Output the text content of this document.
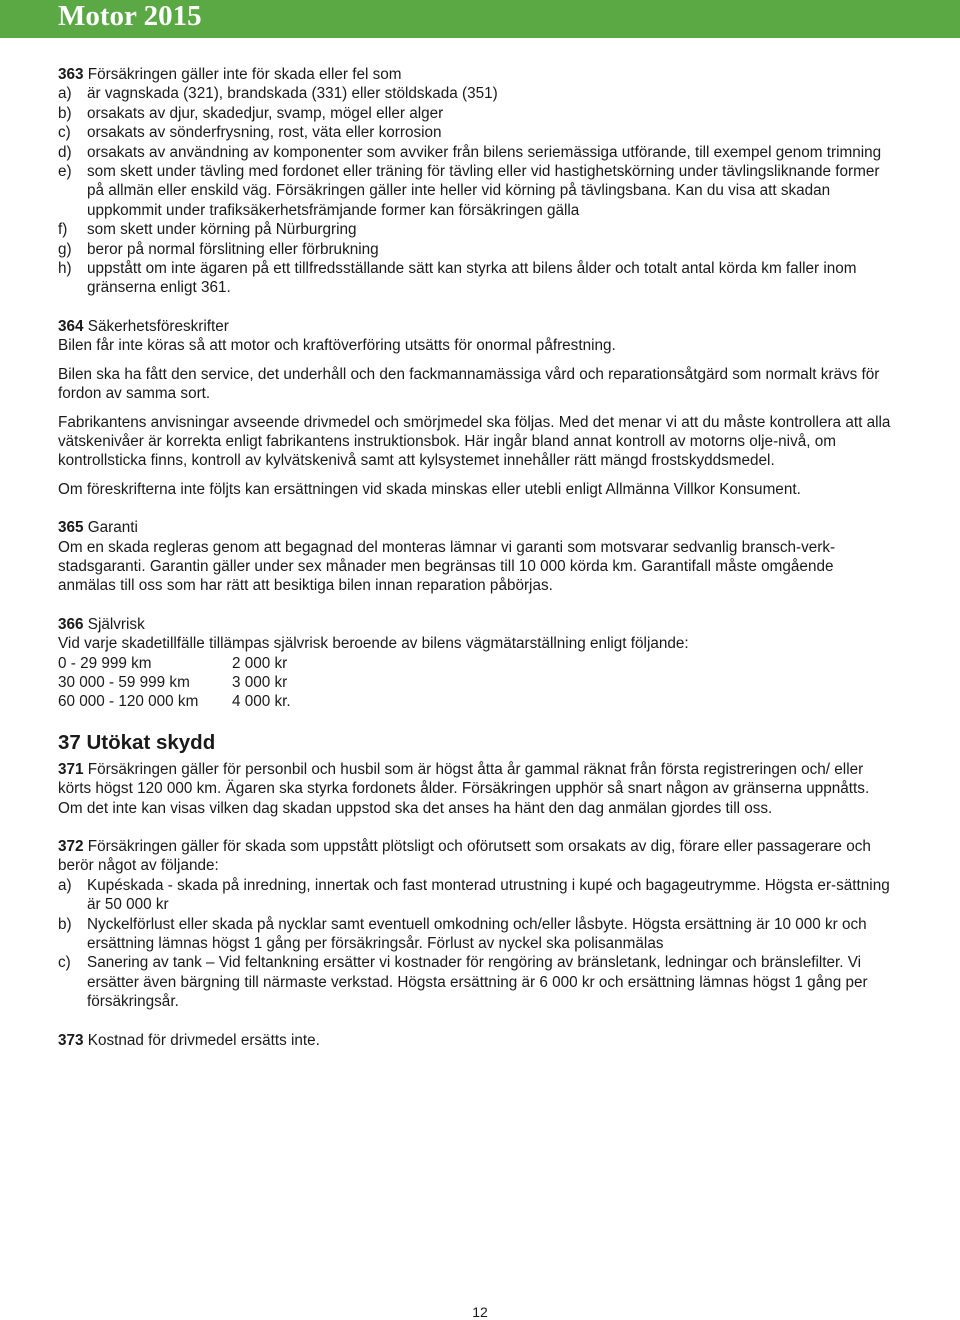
Motor 2015

363 Försäkringen gäller inte för skada eller fel som

a) är vagnskada (321), brandskada (331) eller stöldskada (351)
b) orsakats av djur, skadedjur, svamp, mögel eller alger
c) orsakats av sönderfrysning, rost, väta eller korrosion
d) orsakats av användning av komponenter som avviker från bilens seriemässiga utförande, till exempel genom trimning
e) som skett under tävling med fordonet eller träning för tävling eller vid hastighetskörning under tävlingsliknande former på allmän eller enskild väg. Försäkringen gäller inte heller vid körning på tävlingsbana. Kan du visa att skadan uppkommit under trafiksäkerhetsfrämjande former kan försäkringen gälla
f) som skett under körning på Nürburgring
g) beror på normal förslitning eller förbrukning
h) uppstått om inte ägaren på ett tillfredsställande sätt kan styrka att bilens ålder och totalt antal körda km faller inom gränserna enligt 361.

364 Säkerhetsföreskrifter

Bilen får inte köras så att motor och kraftöverföring utsätts för onormal påfrestning.

Bilen ska ha fått den service, det underhåll och den fackmannamässiga vård och reparationsåtgärd som normalt krävs för fordon av samma sort.

Fabrikantens anvisningar avseende drivmedel och smörjmedel ska följas. Med det menar vi att du måste kontrollera att alla vätskenivåer är korrekta enligt fabrikantens instruktionsbok. Här ingår bland annat kontroll av motorns olje-nivå, om kontrollsticka finns, kontroll av kylvätskenivå samt att kylsystemet innehåller rätt mängd frostskyddsmedel.

Om föreskrifterna inte följts kan ersättningen vid skada minskas eller utebli enligt Allmänna Villkor Konsument.

365 Garanti

Om en skada regleras genom att begagnad del monteras lämnar vi garanti som motsvarar sedvanlig bransch-verk-stadsgaranti. Garantin gäller under sex månader men begränsas till 10 000 körda km. Garantifall måste omgående anmälas till oss som har rätt att besiktiga bilen innan reparation påbörjas.

366 Självrisk

Vid varje skadetillfälle tillämpas självrisk beroende av bilens vägmätarställning enligt följande:

0 - 29 999 km	2 000 kr
30 000 - 59 999 km	3 000 kr
60 000 - 120 000 km	4 000 kr.
37 Utökat skydd

371 Försäkringen gäller för personbil och husbil som är högst åtta år gammal räknat från första registreringen och/ eller körts högst 120 000 km. Ägaren ska styrka fordonets ålder. Försäkringen upphör så snart någon av gränserna uppnåtts. Om det inte kan visas vilken dag skadan uppstod ska det anses ha hänt den dag anmälan gjordes till oss.

372 Försäkringen gäller för skada som uppstått plötsligt och oförutsett som orsakats av dig, förare eller passagerare och berör något av följande:

a) Kupéskada - skada på inredning, innertak och fast monterad utrustning i kupé och bagageutrymme. Högsta er-sättning är 50 000 kr
b) Nyckelförlust eller skada på nycklar samt eventuell omkodning och/eller låsbyte. Högsta ersättning är 10 000 kr och ersättning lämnas högst 1 gång per försäkringsår. Förlust av nyckel ska polisanmälas
c) Sanering av tank – Vid feltankning ersätter vi kostnader för rengöring av bränsletank, ledningar och bränslefilter. Vi ersätter även bärgning till närmaste verkstad. Högsta ersättning är 6 000 kr och ersättning lämnas högst 1 gång per försäkringsår.

373 Kostnad för drivmedel ersätts inte.

12
